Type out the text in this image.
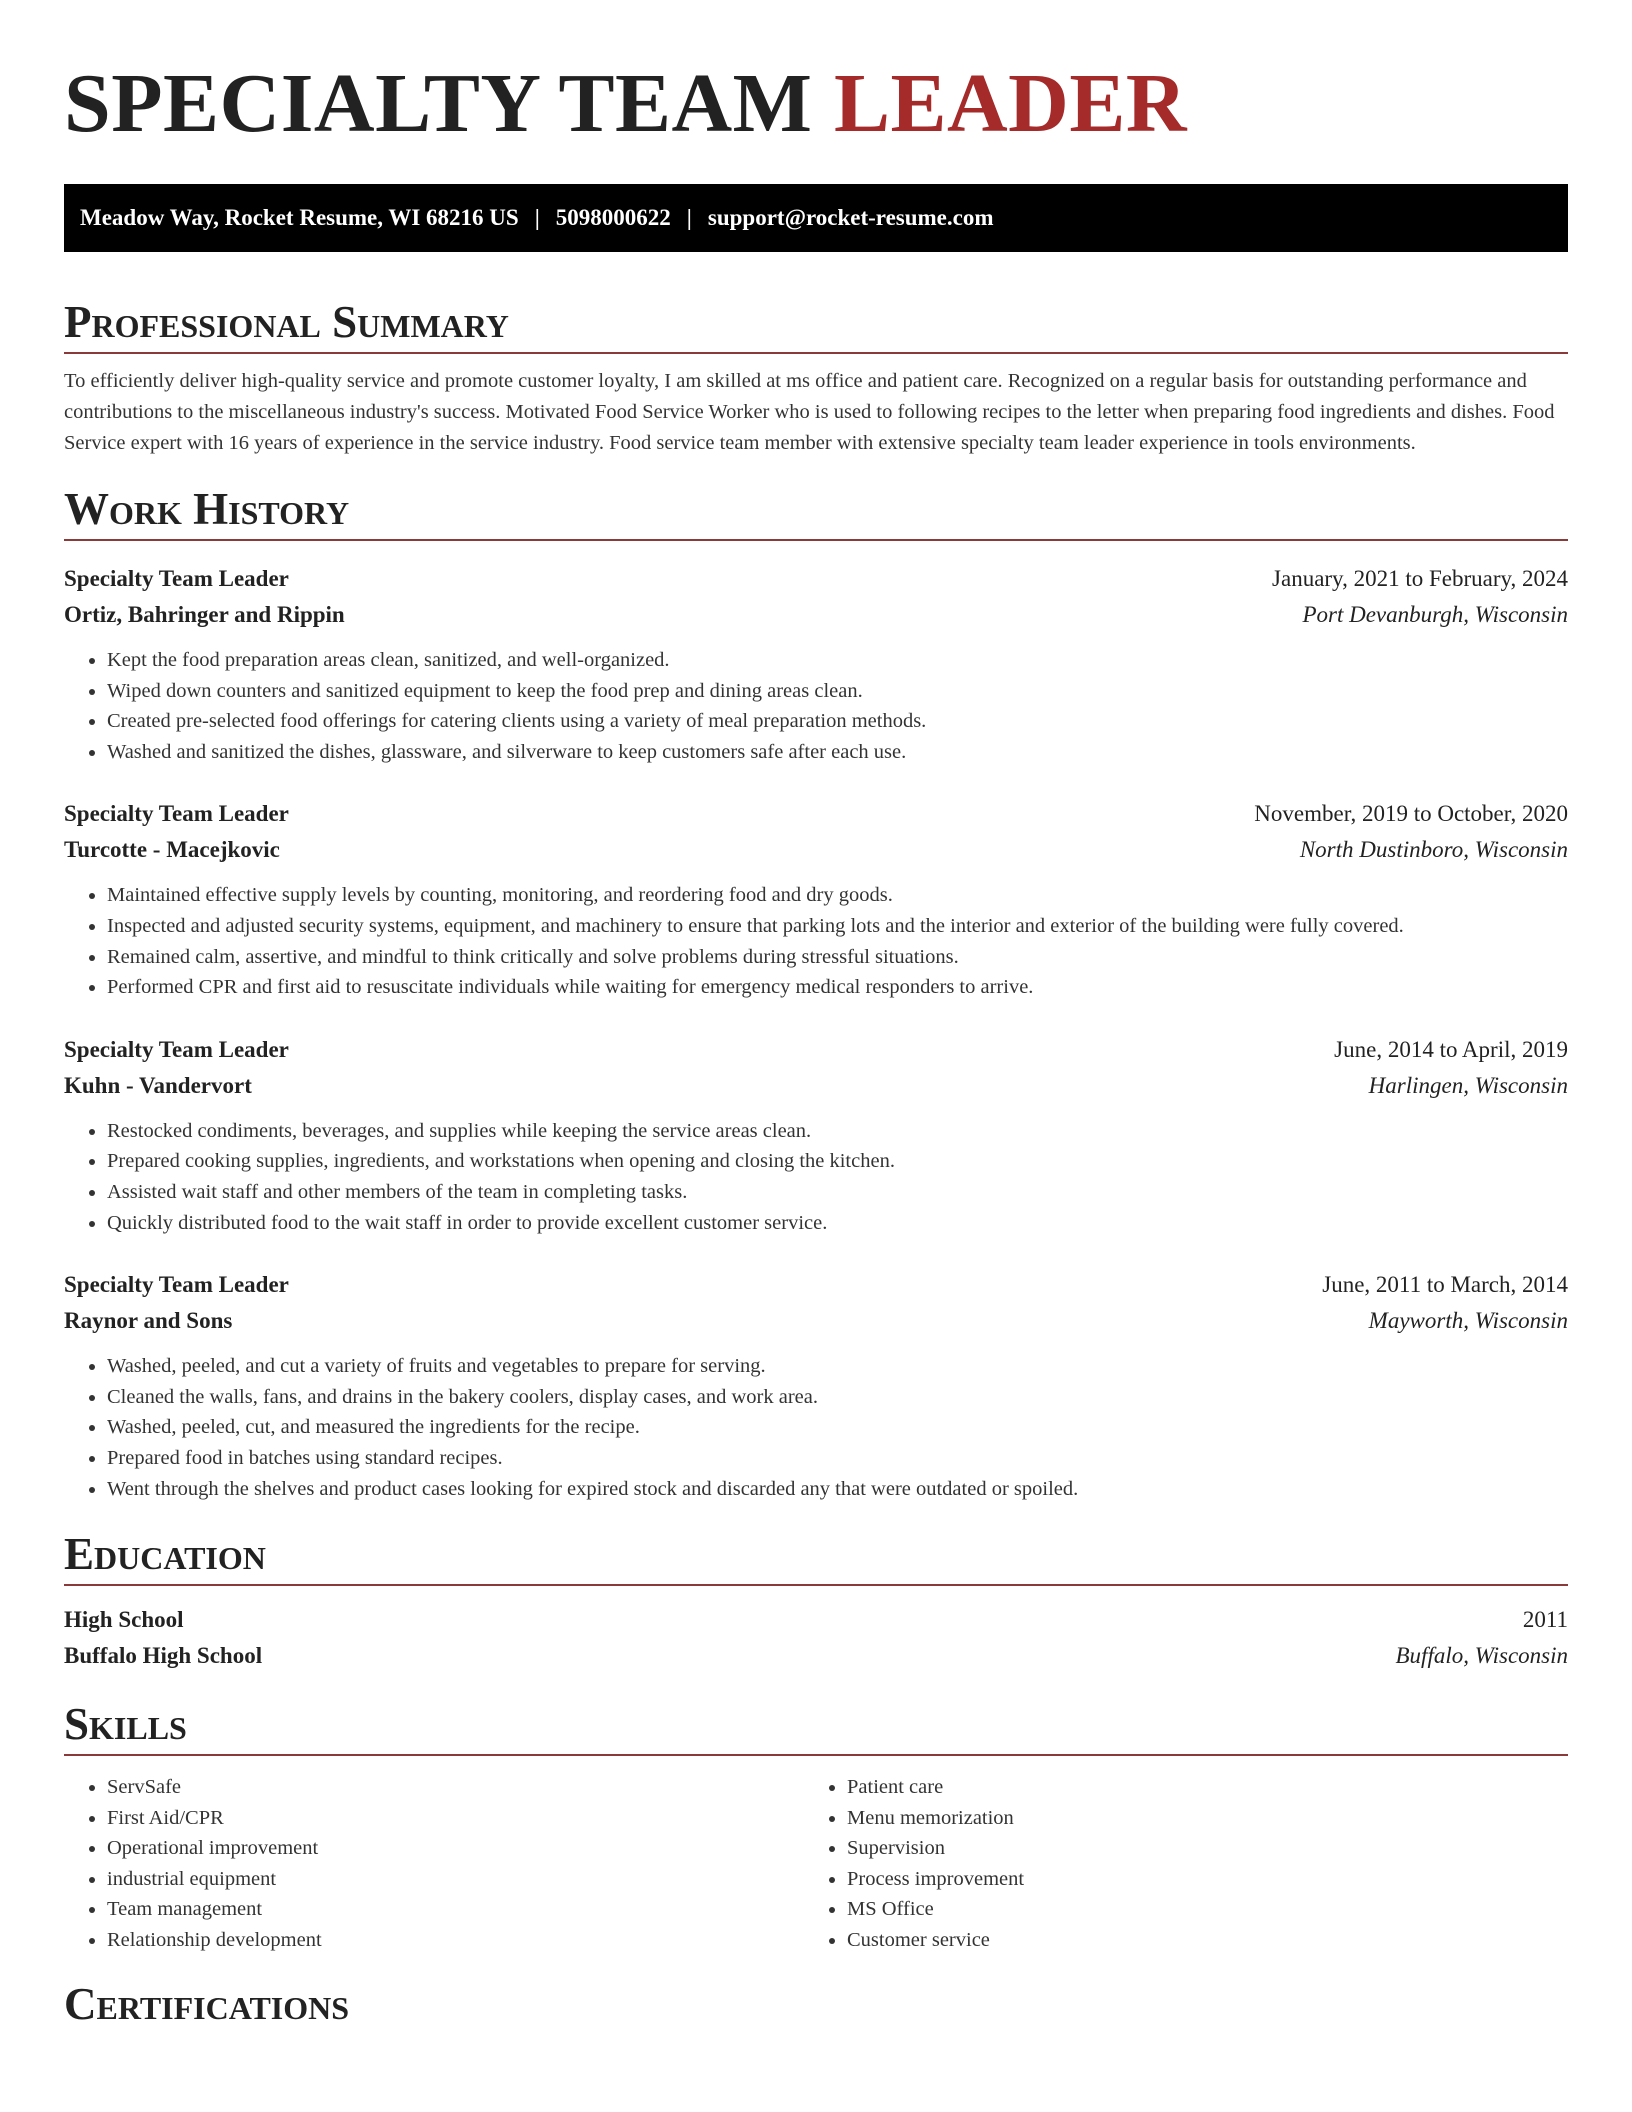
SPECIALTY TEAM LEADER
Meadow Way, Rocket Resume, WI 68216 US | 5098000622 | support@rocket-resume.com
Professional Summary

To efficiently deliver high-quality service and promote customer loyalty, I am skilled at ms office and patient care. Recognized on a regular basis for outstanding performance and contributions to the miscellaneous industry's success. Motivated Food Service Worker who is used to following recipes to the letter when preparing food ingredients and dishes. Food Service expert with 16 years of experience in the service industry. Food service team member with extensive specialty team leader experience in tools environments.

Work History
Specialty Team Leader	January, 2021 to February, 2024
Ortiz, Bahringer and Rippin	Port Devanburgh, Wisconsin
• Kept the food preparation areas clean, sanitized, and well-organized.
• Wiped down counters and sanitized equipment to keep the food prep and dining areas clean.
• Created pre-selected food offerings for catering clients using a variety of meal preparation methods.
• Washed and sanitized the dishes, glassware, and silverware to keep customers safe after each use.
Specialty Team Leader	November, 2019 to October, 2020
Turcotte - Macejkovic	North Dustinboro, Wisconsin
• Maintained effective supply levels by counting, monitoring, and reordering food and dry goods.
• Inspected and adjusted security systems, equipment, and machinery to ensure that parking lots and the interior and exterior of the building were fully covered.
• Remained calm, assertive, and mindful to think critically and solve problems during stressful situations.
• Performed CPR and first aid to resuscitate individuals while waiting for emergency medical responders to arrive.
Specialty Team Leader	June, 2014 to April, 2019
Kuhn - Vandervort	Harlingen, Wisconsin
• Restocked condiments, beverages, and supplies while keeping the service areas clean.
• Prepared cooking supplies, ingredients, and workstations when opening and closing the kitchen.
• Assisted wait staff and other members of the team in completing tasks.
• Quickly distributed food to the wait staff in order to provide excellent customer service.
Specialty Team Leader	June, 2011 to March, 2014
Raynor and Sons	Mayworth, Wisconsin
• Washed, peeled, and cut a variety of fruits and vegetables to prepare for serving.
• Cleaned the walls, fans, and drains in the bakery coolers, display cases, and work area.
• Washed, peeled, cut, and measured the ingredients for the recipe.
• Prepared food in batches using standard recipes.
• Went through the shelves and product cases looking for expired stock and discarded any that were outdated or spoiled.
Education
High School	2011
Buffalo High School	Buffalo, Wisconsin
Skills
• ServSafe
• First Aid/CPR
• Operational improvement
• industrial equipment
• Team management
• Relationship development
• Patient care
• Menu memorization
• Supervision
• Process improvement
• MS Office
• Customer service
Certifications
